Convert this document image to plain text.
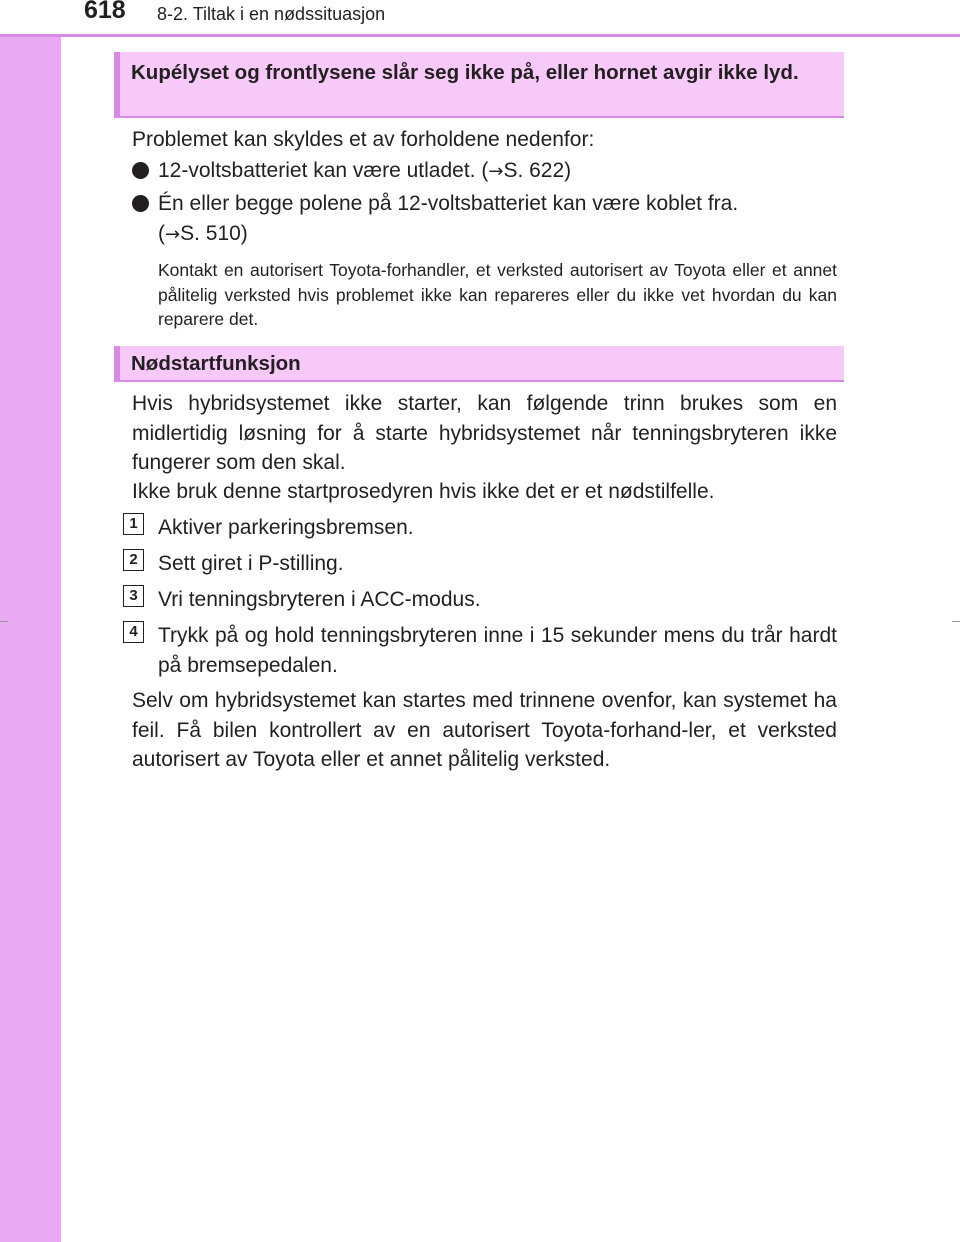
618 8-2. Tiltak i en nødssituasjon
Kupélyset og frontlysene slår seg ikke på, eller hornet avgir ikke lyd.
Problemet kan skyldes et av forholdene nedenfor:
12-voltsbatteriet kan være utladet. (→S. 622)
Én eller begge polene på 12-voltsbatteriet kan være koblet fra.
(→S. 510)
Kontakt en autorisert Toyota-forhandler, et verksted autorisert av Toyota eller et annet pålitelig verksted hvis problemet ikke kan repareres eller du ikke vet hvordan du kan reparere det.
Nødstartfunksjon
Hvis hybridsystemet ikke starter, kan følgende trinn brukes som en midlertidig løsning for å starte hybridsystemet når tenningsbryteren ikke fungerer som den skal.
Ikke bruk denne startprosedyren hvis ikke det er et nødstilfelle.
1 Aktiver parkeringsbremsen.
2 Sett giret i P-stilling.
3 Vri tenningsbryteren i ACC-modus.
4 Trykk på og hold tenningsbryteren inne i 15 sekunder mens du trår hardt på bremsepedalen.
Selv om hybridsystemet kan startes med trinnene ovenfor, kan systemet ha feil. Få bilen kontrollert av en autorisert Toyota-forhand-ler, et verksted autorisert av Toyota eller et annet pålitelig verksted.
